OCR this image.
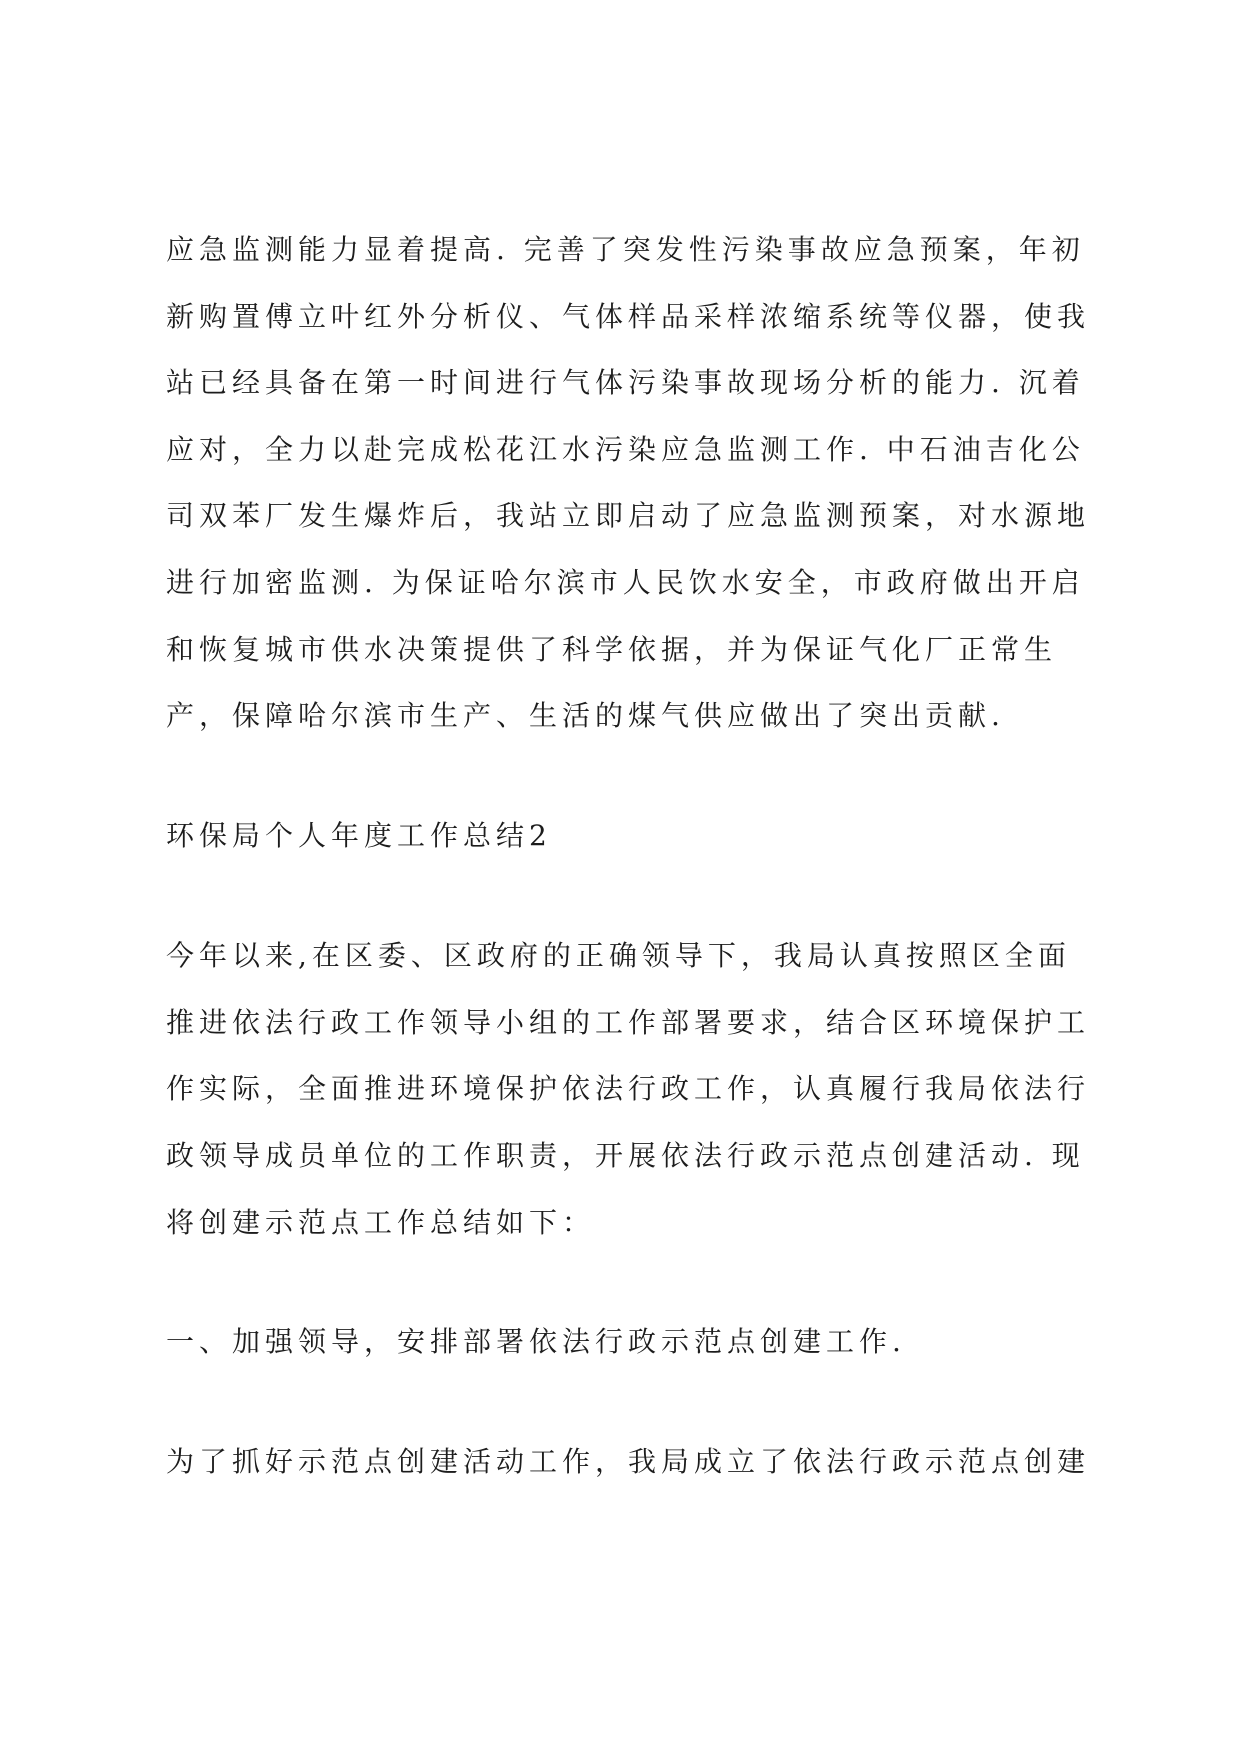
应急监测能力显着提高. 完善了突发性污染事故应急预案，年初
新购置傅立叶红外分析仪、气体样品采样浓缩系统等仪器，使我
站已经具备在第一时间进行气体污染事故现场分析的能力. 沉着
应对，全力以赴完成松花江水污染应急监测工作. 中石油吉化公
司双苯厂发生爆炸后，我站立即启动了应急监测预案，对水源地
进行加密监测. 为保证哈尔滨市人民饮水安全，市政府做出开启
和恢复城市供水决策提供了科学依据，并为保证气化厂正常生
产，保障哈尔滨市生产、生活的煤气供应做出了突出贡献.
环保局个人年度工作总结2
今年以来,在区委、区政府的正确领导下，我局认真按照区全面
推进依法行政工作领导小组的工作部署要求，结合区环境保护工
作实际，全面推进环境保护依法行政工作，认真履行我局依法行
政领导成员单位的工作职责，开展依法行政示范点创建活动. 现
将创建示范点工作总结如下：
一、加强领导，安排部署依法行政示范点创建工作.
为了抓好示范点创建活动工作，我局成立了依法行政示范点创建
